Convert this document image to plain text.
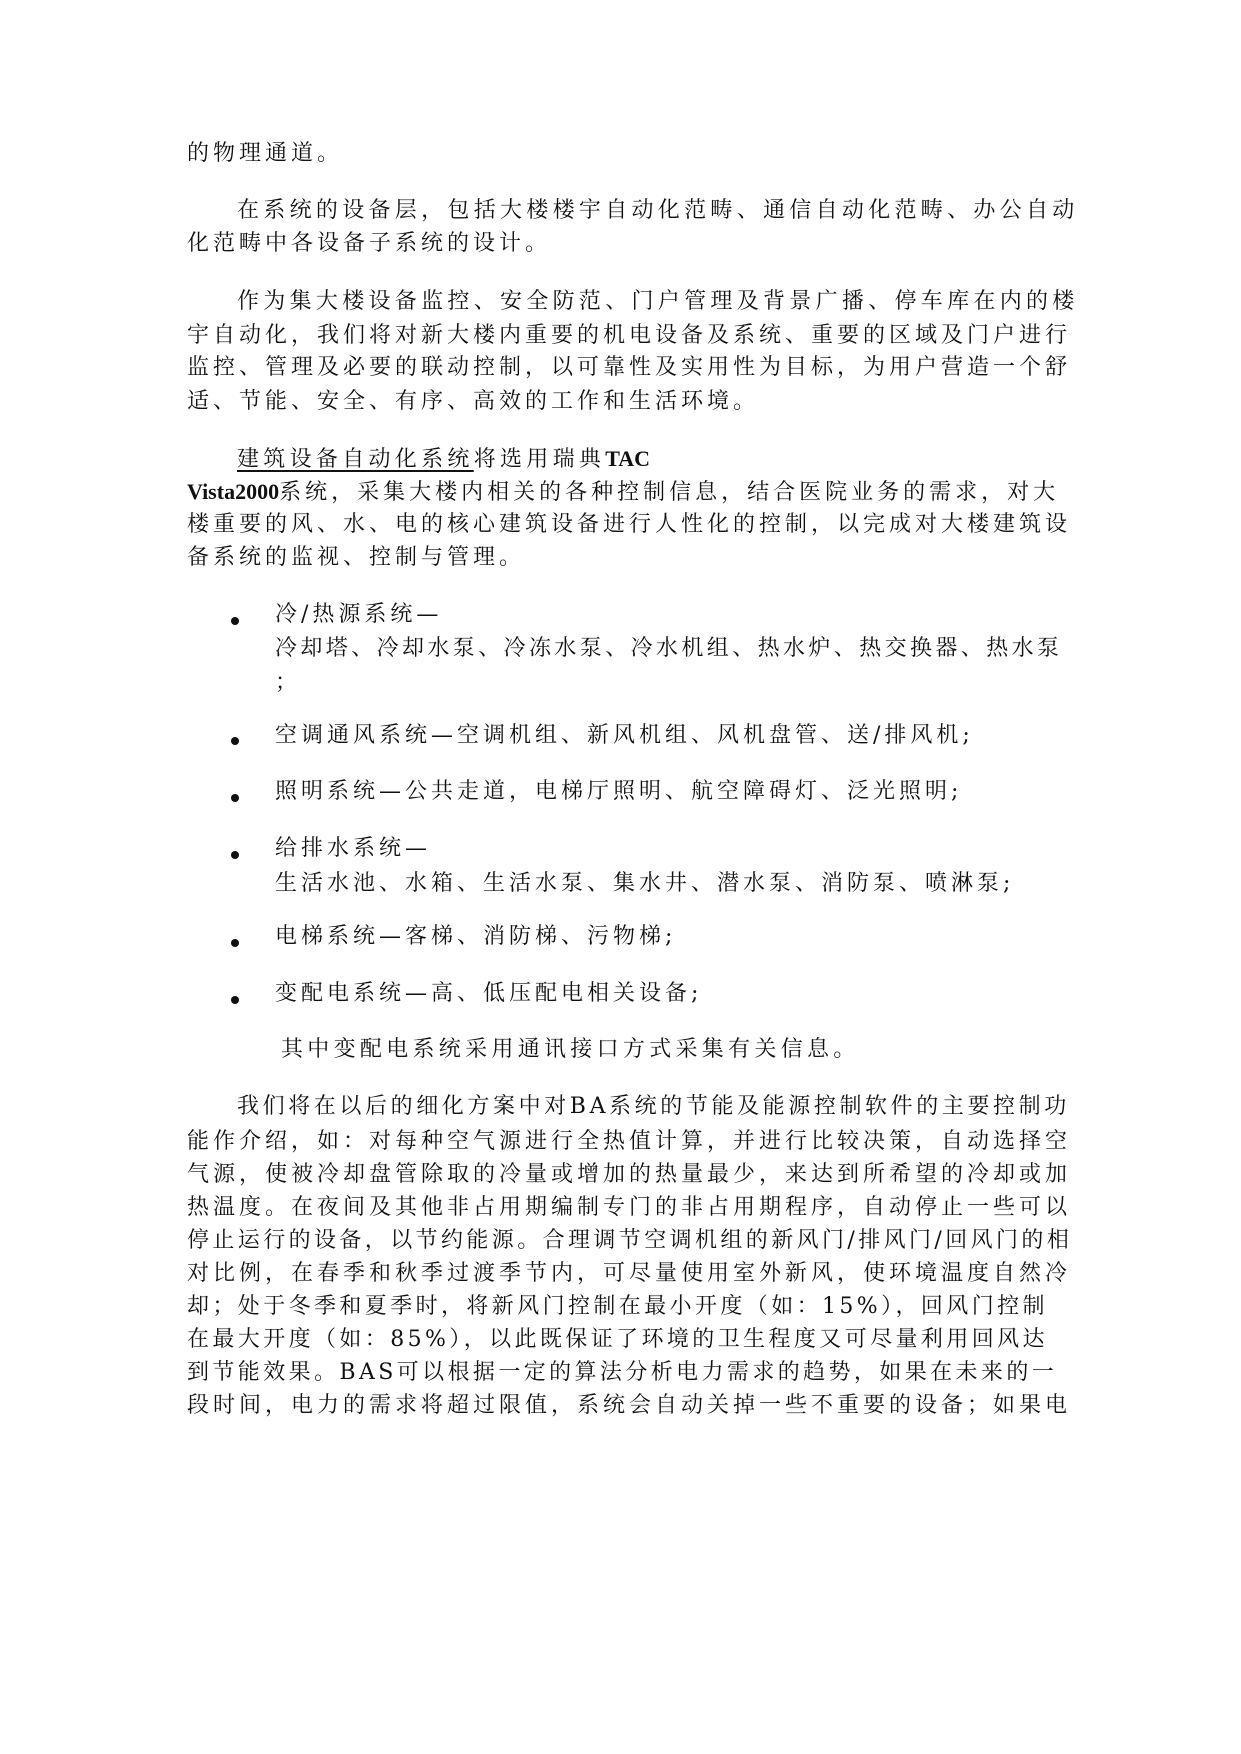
的物理通道。
在系统的设备层，包括大楼楼宇自动化范畴、通信自动化范畴、办公自动
化范畴中各设备子系统的设计。
作为集大楼设备监控、安全防范、门户管理及背景广播、停车库在内的楼
宇自动化，我们将对新大楼内重要的机电设备及系统、重要的区域及门户进行
监控、管理及必要的联动控制，以可靠性及实用性为目标，为用户营造一个舒
适、节能、安全、有序、高效的工作和生活环境。
建筑设备自动化系统将选用瑞典TAC
Vista2000系统，采集大楼内相关的各种控制信息，结合医院业务的需求，对大
楼重要的风、水、电的核心建筑设备进行人性化的控制，以完成对大楼建筑设
备系统的监视、控制与管理。
冷/热源系统—
冷却塔、冷却水泵、冷冻水泵、冷水机组、热水炉、热交换器、热水泵
；
空调通风系统—空调机组、新风机组、风机盘管、送/排风机;
照明系统—公共走道，电梯厅照明、航空障碍灯、泛光照明;
给排水系统—
生活水池、水箱、生活水泵、集水井、潜水泵、消防泵、喷淋泵;
电梯系统—客梯、消防梯、污物梯;
变配电系统—高、低压配电相关设备;
其中变配电系统采用通讯接口方式采集有关信息。
我们将在以后的细化方案中对BA系统的节能及能源控制软件的主要控制功
能作介绍，如：对每种空气源进行全热值计算，并进行比较决策，自动选择空
气源，使被冷却盘管除取的冷量或增加的热量最少，来达到所希望的冷却或加
热温度。在夜间及其他非占用期编制专门的非占用期程序，自动停止一些可以
停止运行的设备，以节约能源。合理调节空调机组的新风门/排风门/回风门的相
对比例，在春季和秋季过渡季节内，可尽量使用室外新风，使环境温度自然冷
却；处于冬季和夏季时，将新风门控制在最小开度（如：15%），回风门控制
在最大开度（如：85%），以此既保证了环境的卫生程度又可尽量利用回风达
到节能效果。BAS可以根据一定的算法分析电力需求的趋势，如果在未来的一
段时间，电力的需求将超过限值，系统会自动关掉一些不重要的设备；如果电
